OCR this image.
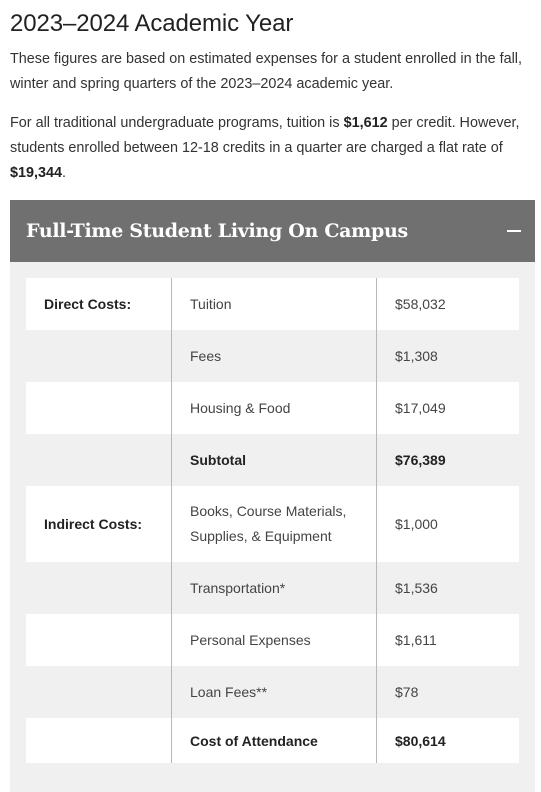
2023–2024 Academic Year

These figures are based on estimated expenses for a student enrolled in the fall, winter and spring quarters of the 2023–2024 academic year.

For all traditional undergraduate programs, tuition is $1,612 per credit. However, students enrolled between 12-18 credits in a quarter are charged a flat rate of $19,344.

Full-Time Student Living On Campus
Direct Costs:	Tuition	$58,032
	Fees	$1,308
	Housing & Food	$17,049
	Subtotal	$76,389
Indirect Costs:	Books, Course Materials, Supplies, & Equipment	$1,000
	Transportation*	$1,536
	Personal Expenses	$1,611
	Loan Fees**	$78
	Cost of Attendance	$80,614
